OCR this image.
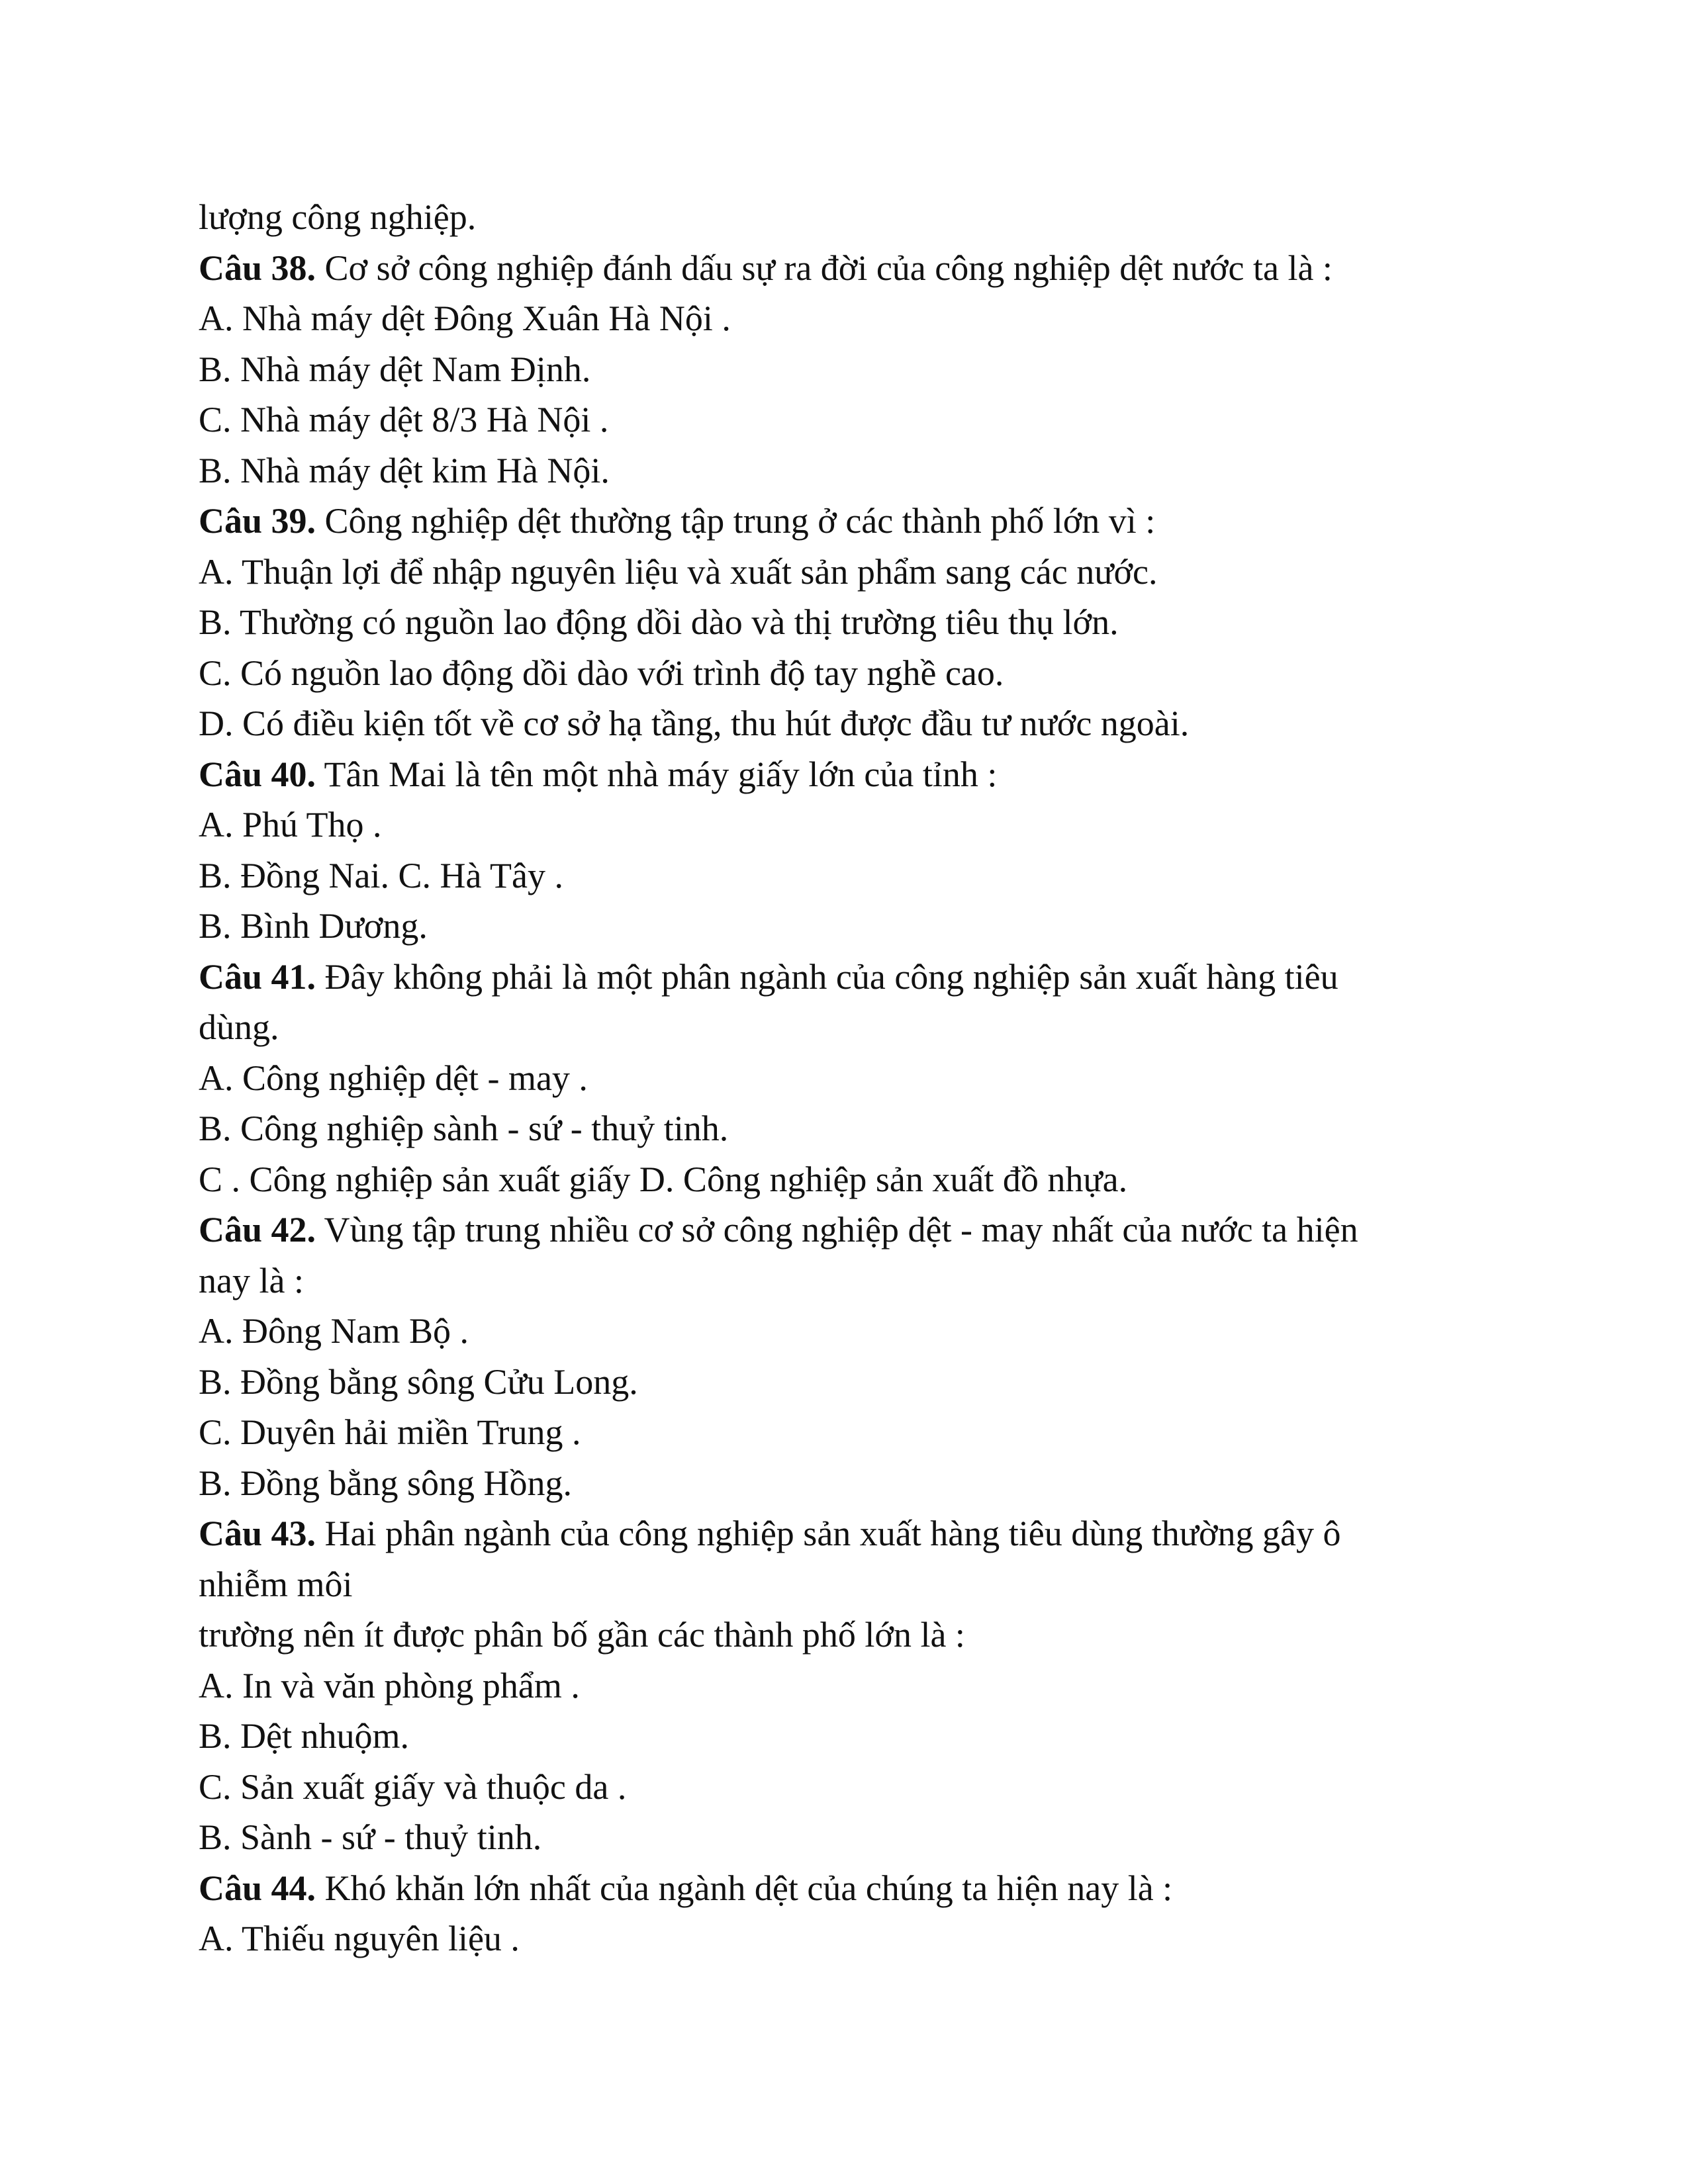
lượng công nghiệp.
Câu 38. Cơ sở công nghiệp đánh dấu sự ra đời của công nghiệp dệt nước ta là :
A. Nhà máy dệt Đông Xuân Hà Nội .
B. Nhà máy dệt Nam Định.
C. Nhà máy dệt 8/3 Hà Nội .
B. Nhà máy dệt kim Hà Nội.
Câu 39. Công nghiệp dệt thường tập trung ở các thành phố lớn vì :
A. Thuận lợi để nhập nguyên liệu và xuất sản phẩm sang các nước.
B. Thường có nguồn lao động dồi dào và thị trường tiêu thụ lớn.
C. Có nguồn lao động dồi dào với trình độ tay nghề cao.
D. Có điều kiện tốt về cơ sở hạ tầng, thu hút được đầu tư nước ngoài.
Câu 40. Tân Mai là tên một nhà máy giấy lớn của tỉnh :
A. Phú Thọ .
B. Đồng Nai. C. Hà Tây .
B. Bình Dương.
Câu 41. Đây không phải là một phân ngành của công nghiệp sản xuất hàng tiêu
dùng.
A. Công nghiệp dệt - may .
B. Công nghiệp sành - sứ - thuỷ tinh.
C . Công nghiệp sản xuất giấy D. Công nghiệp sản xuất đồ nhựa.
Câu 42. Vùng tập trung nhiều cơ sở công nghiệp dệt - may nhất của nước ta hiện
nay là :
A. Đông Nam Bộ .
B. Đồng bằng sông Cửu Long.
C. Duyên hải miền Trung .
B. Đồng bằng sông Hồng.
Câu 43. Hai phân ngành của công nghiệp sản xuất hàng tiêu dùng thường gây ô
nhiễm môi
trường nên ít được phân bố gần các thành phố lớn là :
A. In và văn phòng phẩm .
B. Dệt nhuộm.
C. Sản xuất giấy và thuộc da .
B. Sành - sứ - thuỷ tinh.
Câu 44. Khó khăn lớn nhất của ngành dệt của chúng ta hiện nay là :
A. Thiếu nguyên liệu .
